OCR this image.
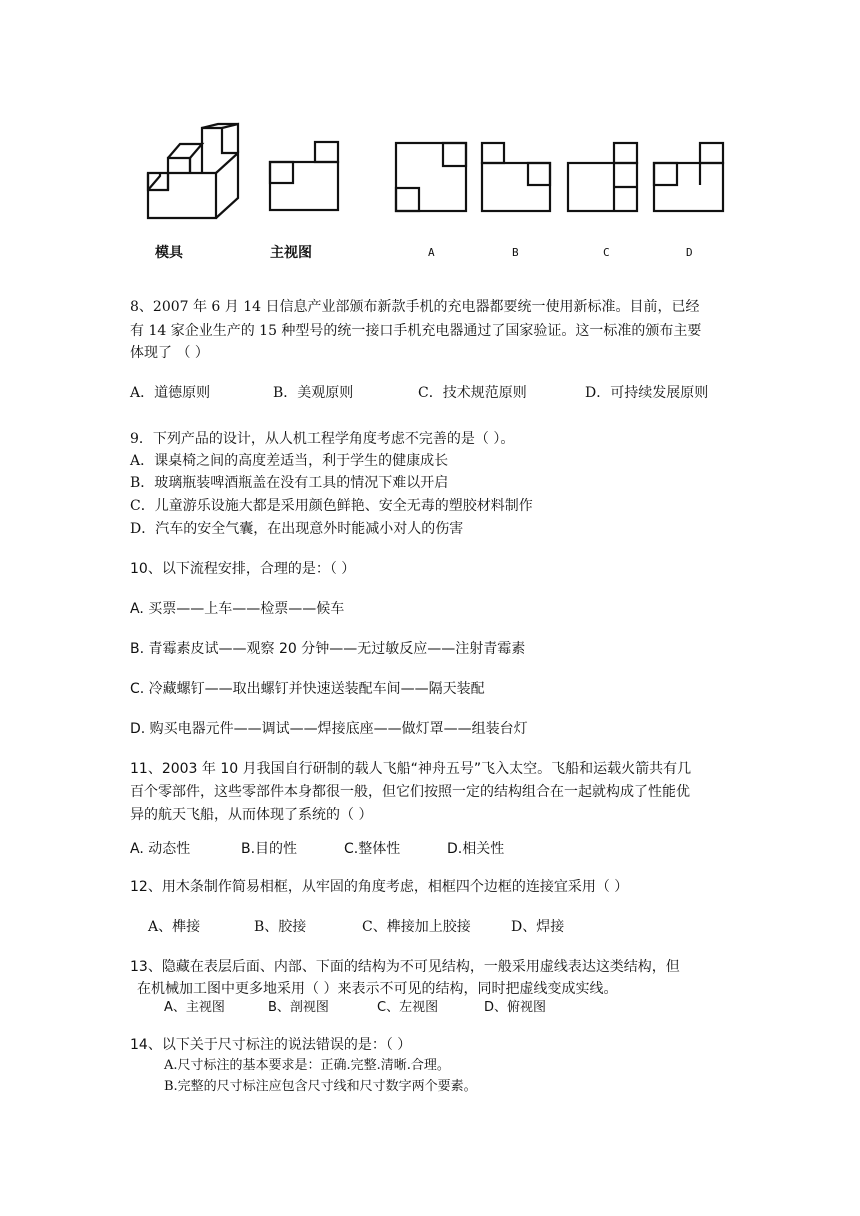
模具	主视图	A	B	C	D
8、2007 年 6 月 14 日信息产业部颁布新款手机的充电器都要统一使用新标准。目前，已经
有 14 家企业生产的 15 种型号的统一接口手机充电器通过了国家验证。这一标准的颁布主要
体现了 （ ）
A．道德原则	B．美观原则	C．技术规范原则	D．可持续发展原则
9．下列产品的设计，从人机工程学角度考虑不完善的是（ ）。
A．课桌椅之间的高度差适当，利于学生的健康成长
B．玻璃瓶装啤酒瓶盖在没有工具的情况下难以开启
C．儿童游乐设施大都是采用颜色鲜艳、安全无毒的塑胶材料制作
D．汽车的安全气囊，在出现意外时能减小对人的伤害
10、以下流程安排，合理的是：（ ）
A. 买票——上车——检票——候车
B. 青霉素皮试——观察 20 分钟——无过敏反应——注射青霉素
C. 冷藏螺钉——取出螺钉并快速送装配车间——隔天装配
D. 购买电器元件——调试——焊接底座——做灯罩——组装台灯
11、2003 年 10 月我国自行研制的载人飞船“神舟五号”飞入太空。飞船和运载火箭共有几
百个零部件，这些零部件本身都很一般，但它们按照一定的结构组合在一起就构成了性能优
异的航天飞船，从而体现了系统的（ ）
A. 动态性	B.目的性	C.整体性	D.相关性
12、用木条制作简易相框，从牢固的角度考虑，相框四个边框的连接宜采用（ ）
A、榫接	B、胶接	C、榫接加上胶接	D、焊接
13、隐藏在表层后面、内部、下面的结构为不可见结构，一般采用虚线表达这类结构，但
在机械加工图中更多地采用（ ）来表示不可见的结构，同时把虚线变成实线。
A、主视图	B、剖视图	C、左视图	D、俯视图
14、以下关于尺寸标注的说法错误的是：（ ）
A.尺寸标注的基本要求是：正确.完整.清晰.合理。
B.完整的尺寸标注应包含尺寸线和尺寸数字两个要素。
